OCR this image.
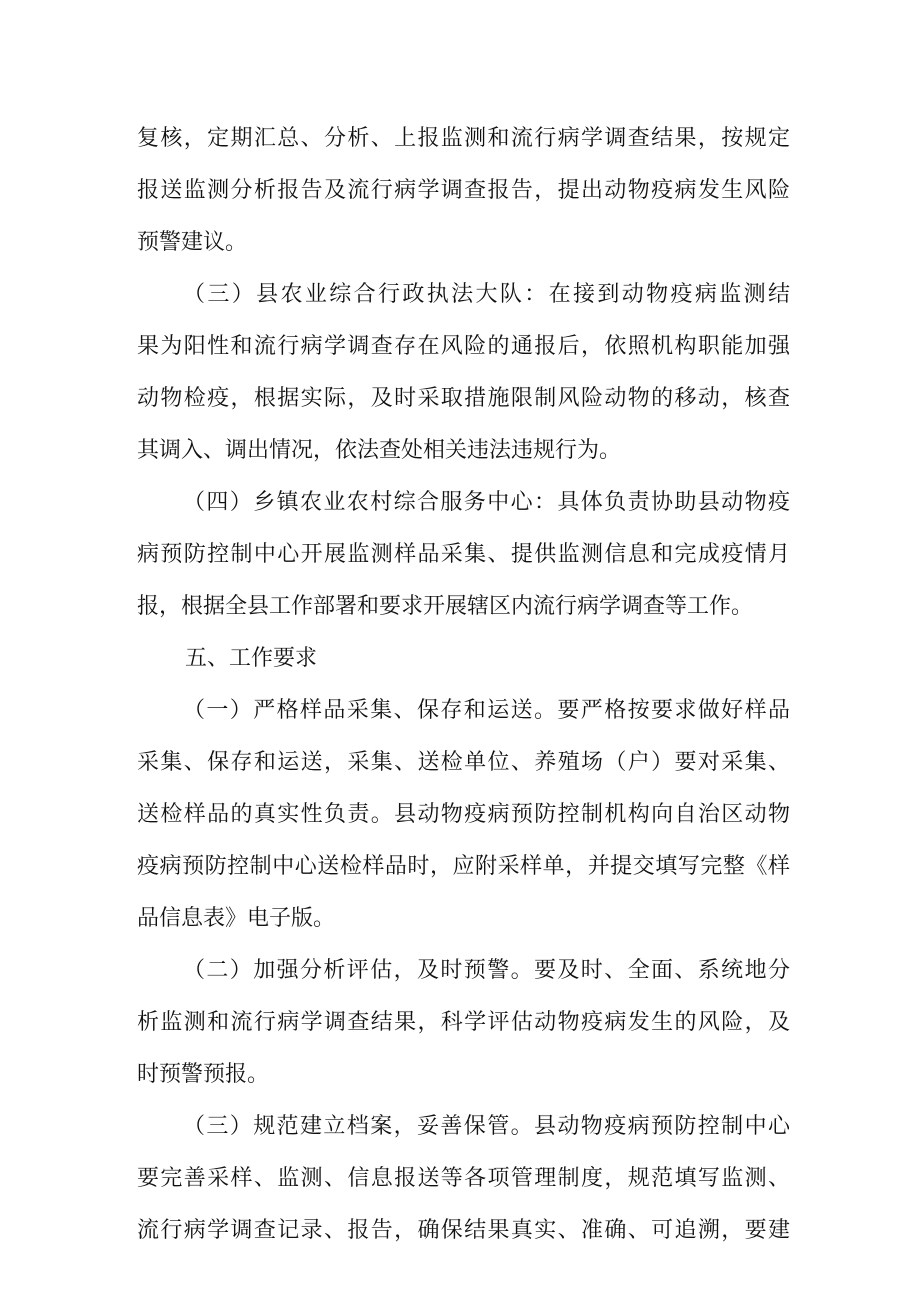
复核，定期汇总、分析、上报监测和流行病学调查结果，按规定
报送监测分析报告及流行病学调查报告，提出动物疫病发生风险
预警建议。
（三）县农业综合行政执法大队：在接到动物疫病监测结
果为阳性和流行病学调查存在风险的通报后，依照机构职能加强
动物检疫，根据实际，及时采取措施限制风险动物的移动，核查
其调入、调出情况，依法查处相关违法违规行为。
（四）乡镇农业农村综合服务中心：具体负责协助县动物疫
病预防控制中心开展监测样品采集、提供监测信息和完成疫情月
报，根据全县工作部署和要求开展辖区内流行病学调查等工作。
五、工作要求
（一）严格样品采集、保存和运送。要严格按要求做好样品
采集、保存和运送，采集、送检单位、养殖场（户）要对采集、
送检样品的真实性负责。县动物疫病预防控制机构向自治区动物
疫病预防控制中心送检样品时，应附采样单，并提交填写完整《样
品信息表》电子版。
（二）加强分析评估，及时预警。要及时、全面、系统地分
析监测和流行病学调查结果，科学评估动物疫病发生的风险，及
时预警预报。
（三）规范建立档案，妥善保管。县动物疫病预防控制中心
要完善采样、监测、信息报送等各项管理制度，规范填写监测、
流行病学调查记录、报告，确保结果真实、准确、可追溯，要建
